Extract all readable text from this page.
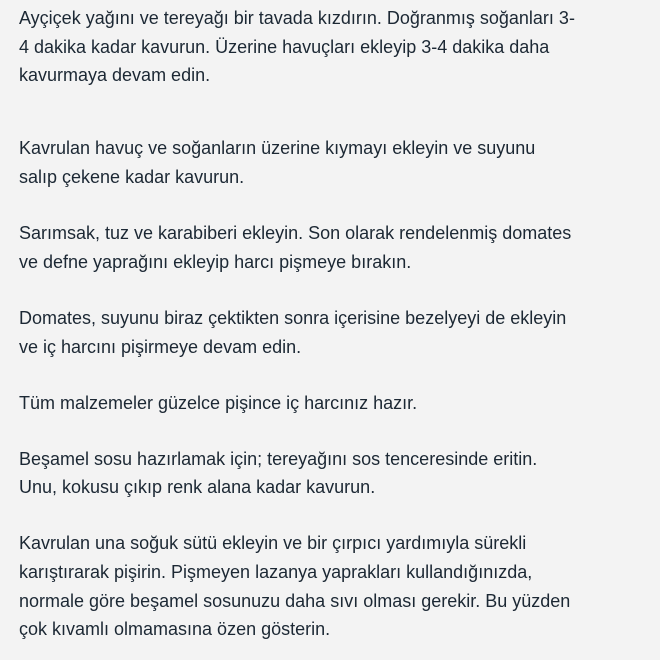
Ayçiçek yağını ve tereyağı bir tavada kızdırın. Doğranmış soğanları 3-
4 dakika kadar kavurun. Üzerine havuçları ekleyip 3-4 dakika daha
kavurmaya devam edin.

Kavrulan havuç ve soğanların üzerine kıymayı ekleyin ve suyunu
salıp çekene kadar kavurun.

Sarımsak, tuz ve karabiberi ekleyin. Son olarak rendelenmiş domates
ve defne yaprağını ekleyip harcı pişmeye bırakın.

Domates, suyunu biraz çektikten sonra içerisine bezelyeyi de ekleyin
ve iç harcını pişirmeye devam edin.

Tüm malzemeler güzelce pişince iç harcınız hazır.

Beşamel sosu hazırlamak için; tereyağını sos tenceresinde eritin.
Unu, kokusu çıkıp renk alana kadar kavurun.

Kavrulan una soğuk sütü ekleyin ve bir çırpıcı yardımıyla sürekli
karıştırarak pişirin. Pişmeyen lazanya yaprakları kullandığınızda,
normale göre beşamel sosunuzu daha sıvı olması gerekir. Bu yüzden
çok kıvamlı olmamasına özen gösterin.
